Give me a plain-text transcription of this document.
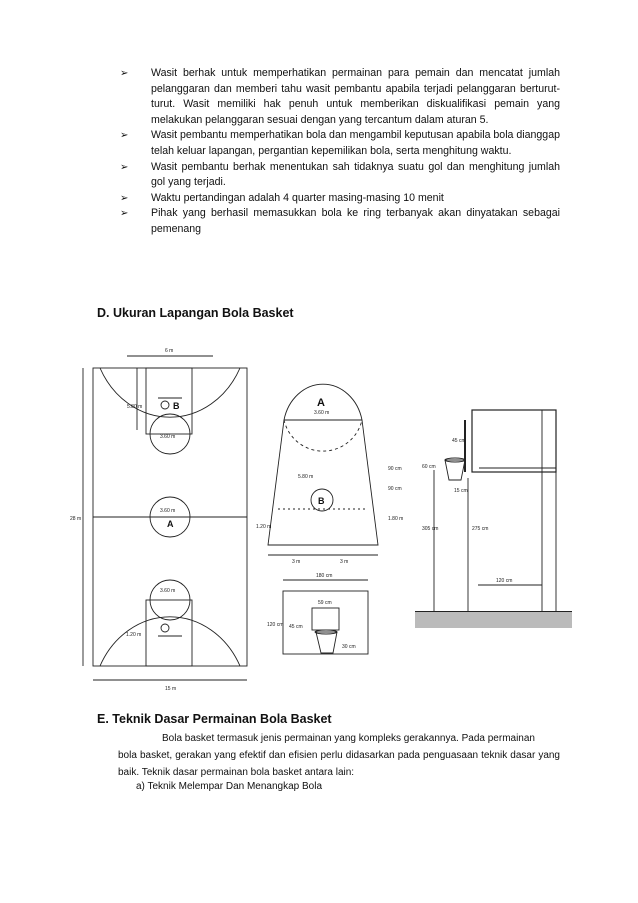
➢ Wasit berhak untuk memperhatikan permainan para pemain dan mencatat jumlah pelanggaran dan memberi tahu wasit pembantu apabila terjadi pelanggaran berturut-turut. Wasit memiliki hak penuh untuk memberikan diskualifikasi pemain yang melakukan pelanggaran sesuai dengan yang tercantum dalam aturan 5.
➢ Wasit pembantu memperhatikan bola dan mengambil keputusan apabila bola dianggap telah keluar lapangan, pergantian kepemilikan bola, serta menghitung waktu.
➢ Wasit pembantu berhak menentukan sah tidaknya suatu gol dan menghitung jumlah gol yang terjadi.
➢ Waktu pertandingan adalah 4 quarter masing-masing 10 menit
➢ Pihak yang berhasil memasukkan bola ke ring terbanyak akan dinyatakan sebagai pemenang
D. Ukuran Lapangan Bola Basket
6 m
15 m
28 m
5.80 m
3.60 m
3.60 m
3.60 m
1.20 m
3.60 m
5.80 m
1.20 m
1.80 m
3 m	3 m
90 cm
90 cm
180 cm
120 cm
59 cm
45 cm
30 cm
45 cm
60 cm
15 cm
305 cm	275 cm
120 cm
A
B	A
B
E. Teknik Dasar Permainan Bola Basket

Bola basket termasuk jenis permainan yang kompleks gerakannya. Pada permainan
bola basket, gerakan yang efektif dan efisien perlu didasarkan pada penguasaan teknik dasar yang baik. Teknik dasar permainan bola basket antara lain:

a) Teknik Melempar Dan Menangkap Bola
